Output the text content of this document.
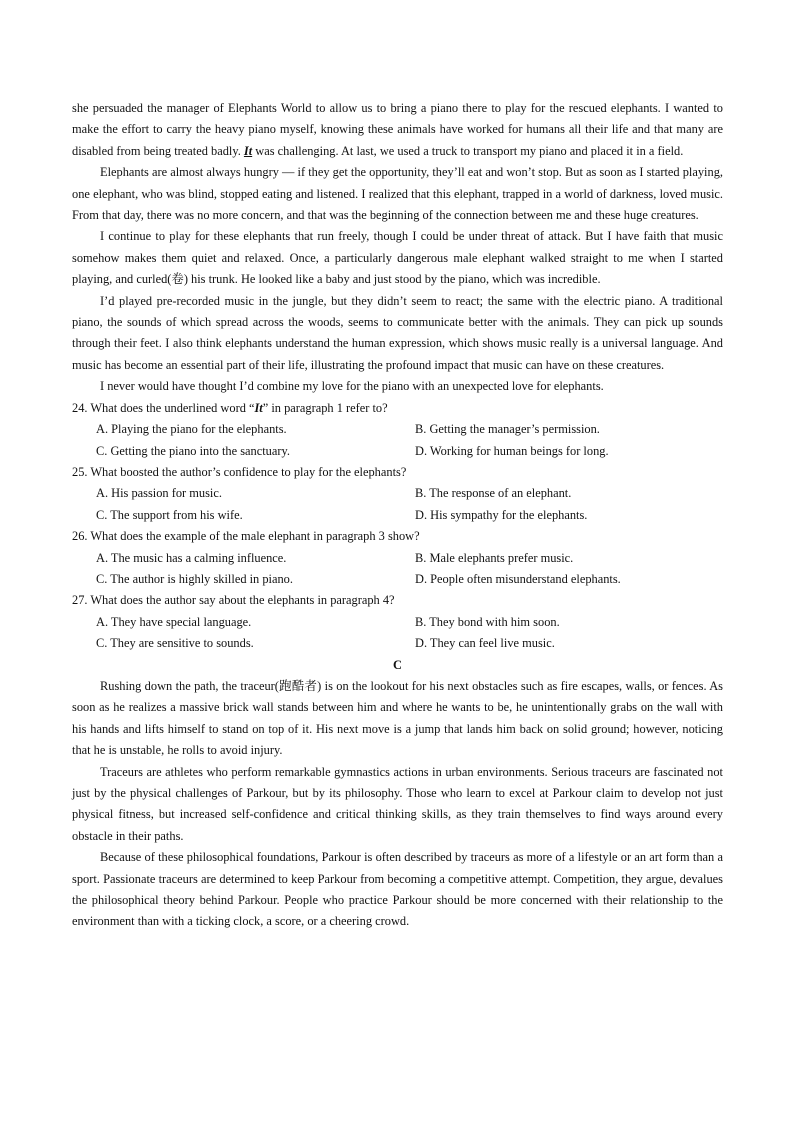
she persuaded the manager of Elephants World to allow us to bring a piano there to play for the rescued elephants. I wanted to make the effort to carry the heavy piano myself, knowing these animals have worked for humans all their life and that many are disabled from being treated badly. It was challenging. At last, we used a truck to transport my piano and placed it in a field.

Elephants are almost always hungry — if they get the opportunity, they’ll eat and won’t stop. But as soon as I started playing, one elephant, who was blind, stopped eating and listened. I realized that this elephant, trapped in a world of darkness, loved music. From that day, there was no more concern, and that was the beginning of the connection between me and these huge creatures.

I continue to play for these elephants that run freely, though I could be under threat of attack. But I have faith that music somehow makes them quiet and relaxed. Once, a particularly dangerous male elephant walked straight to me when I started playing, and curled(卷) his trunk. He looked like a baby and just stood by the piano, which was incredible.

I’d played pre-recorded music in the jungle, but they didn’t seem to react; the same with the electric piano. A traditional piano, the sounds of which spread across the woods, seems to communicate better with the animals. They can pick up sounds through their feet. I also think elephants understand the human expression, which shows music really is a universal language. And music has become an essential part of their life, illustrating the profound impact that music can have on these creatures.

I never would have thought I’d combine my love for the piano with an unexpected love for elephants.

24. What does the underlined word “It” in paragraph 1 refer to?

A. Playing the piano for the elephants.	B. Getting the manager’s permission.
C. Getting the piano into the sanctuary.	D. Working for human beings for long.

25. What boosted the author’s confidence to play for the elephants?

A. His passion for music.	B. The response of an elephant.
C. The support from his wife.	D. His sympathy for the elephants.

26. What does the example of the male elephant in paragraph 3 show?

A. The music has a calming influence.	B. Male elephants prefer music.
C. The author is highly skilled in piano.	D. People often misunderstand elephants.

27. What does the author say about the elephants in paragraph 4?

A. They have special language.	B. They bond with him soon.
C. They are sensitive to sounds.	D. They can feel live music.

C

Rushing down the path, the traceur(跑酷者) is on the lookout for his next obstacles such as fire escapes, walls, or fences. As soon as he realizes a massive brick wall stands between him and where he wants to be, he unintentionally grabs on the wall with his hands and lifts himself to stand on top of it. His next move is a jump that lands him back on solid ground; however, noticing that he is unstable, he rolls to avoid injury.

Traceurs are athletes who perform remarkable gymnastics actions in urban environments. Serious traceurs are fascinated not just by the physical challenges of Parkour, but by its philosophy. Those who learn to excel at Parkour claim to develop not just physical fitness, but increased self-confidence and critical thinking skills, as they train themselves to find ways around every obstacle in their paths.

Because of these philosophical foundations, Parkour is often described by traceurs as more of a lifestyle or an art form than a sport. Passionate traceurs are determined to keep Parkour from becoming a competitive attempt. Competition, they argue, devalues the philosophical theory behind Parkour. People who practice Parkour should be more concerned with their relationship to the environment than with a ticking clock, a score, or a cheering crowd.
